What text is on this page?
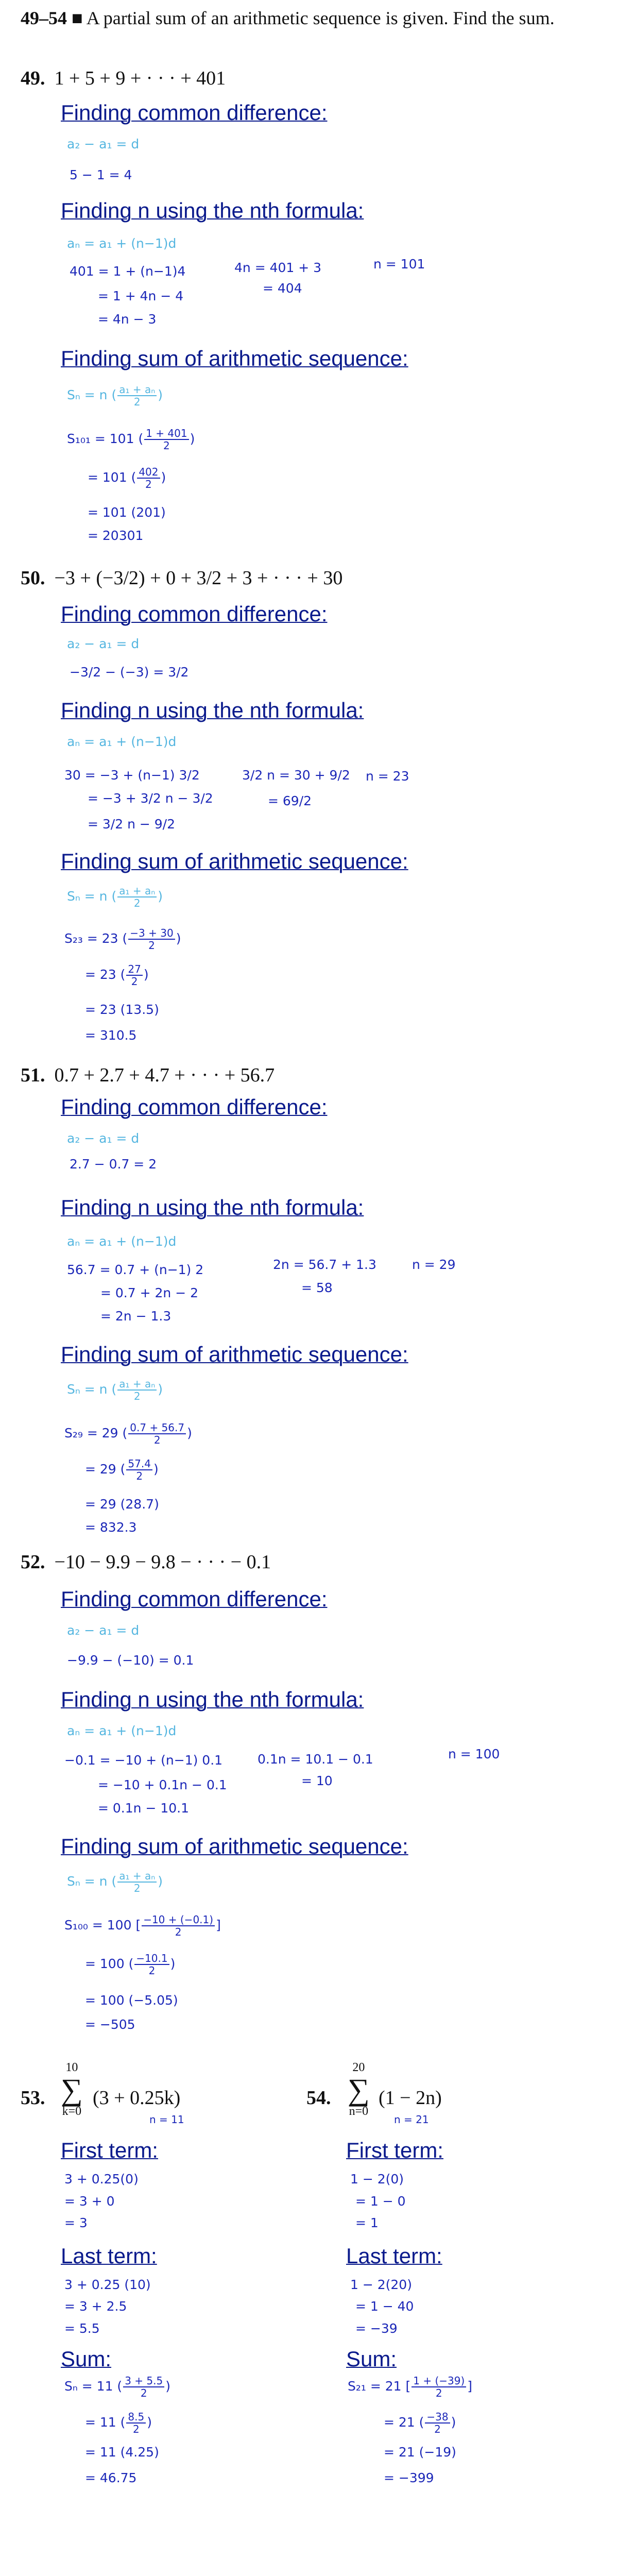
49–54 ■ A partial sum of an arithmetic sequence is given. Find the sum.
49. 1 + 5 + 9 + · · · + 401
Finding common difference:
a₂ − a₁ = d
5 − 1 = 4
Finding n using the nth formula:
aₙ = a₁ + (n−1)d
401 = 1 + (n−1)4
= 1 + 4n − 4
= 4n − 3
4n = 401 + 3
= 404
n = 101
Finding sum of arithmetic sequence:
Sₙ = n ( $\frac{\text{a₁ + aₙ}}{2}$ )
S₁₀₁ = 101 ( $\frac{1 + 401}{2}$ )
= 101 ( $\frac{402}{2}$ )
= 101 (201)
= 20301
50. −3 + (−3/2) + 0 + 3/2 + 3 + · · · + 30
Finding common difference:
a₂ − a₁ = d
−3/2 − (−3) = 3/2
Finding n using the nth formula:
aₙ = a₁ + (n−1)d
30 = −3 + (n−1) 3/2
= −3 + 3/2 n − 3/2
= 3/2 n − 9/2
3/2 n = 30 + 9/2
= 69/2
n = 23
Finding sum of arithmetic sequence:
Sₙ = n ( $\frac{\text{a₁ + aₙ}}{2}$ )
S₂₃ = 23 ( $\frac{-3 + 30}{2}$ )
= 23 ( $\frac{27}{2}$ )
= 23 (13.5)
= 310.5
51. 0.7 + 2.7 + 4.7 + · · · + 56.7
Finding common difference:
a₂ − a₁ = d
2.7 − 0.7 = 2
Finding n using the nth formula:
aₙ = a₁ + (n−1)d
56.7 = 0.7 + (n−1) 2
= 0.7 + 2n − 2
= 2n − 1.3
2n = 56.7 + 1.3
= 58
n = 29
Finding sum of arithmetic sequence:
Sₙ = n ( $\frac{\text{a₁ + aₙ}}{2}$ )
S₂₉ = 29 ( $\frac{0.7 + 56.7}{2}$ )
= 29 ( $\frac{57.4}{2}$ )
= 29 (28.7)
= 832.3
52. −10 − 9.9 − 9.8 − · · · − 0.1
Finding common difference:
a₂ − a₁ = d
−9.9 − (−10) = 0.1
Finding n using the nth formula:
aₙ = a₁ + (n−1)d
−0.1 = −10 + (n−1) 0.1
= −10 + 0.1n − 0.1
= 0.1n − 10.1
0.1n = 10.1 − 0.1
= 10
n = 100
Finding sum of arithmetic sequence:
Sₙ = n ( $\frac{\text{a₁ + aₙ}}{2}$ )
S₁₀₀ = 100 [ $\frac{-10 + (-0.1)}{2}$ ]
= 100 ( $\frac{-10.1}{2}$ )
= 100 (−5.05)
= −505
53.
10
∑
k=0
(3 + 0.25k)
n = 11
First term:
3 + 0.25(0)
= 3 + 0
= 3
Last term:
3 + 0.25 (10)
= 3 + 2.5
= 5.5
Sum:
Sₙ = 11 ( $\frac{3 + 5.5}{2}$ )
= 11 ( $\frac{8.5}{2}$ )
= 11 (4.25)
= 46.75
54.
20
∑
n=0
(1 − 2n)
n = 21
First term:
1 − 2(0)
= 1 − 0
= 1
Last term:
1 − 2(20)
= 1 − 40
= −39
Sum:
S₂₁ = 21 [ $\frac{1 + (-39)}{2}$ ]
= 21 ( $\frac{-38}{2}$ )
= 21 (−19)
= −399
